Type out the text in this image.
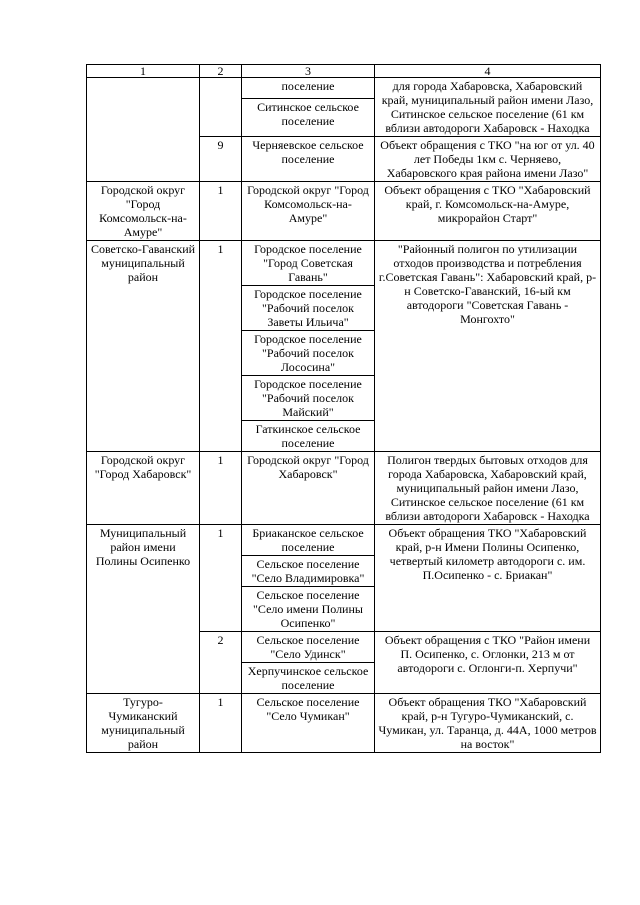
1	2	3	4
		поселение	для города Хабаровска, Хабаровский край, муниципальный район имени Лазо, Ситинское сельское поселение (61 км вблизи автодороги Хабаровск - Находка
		Ситинское сельское поселение	
	9	Черняевское сельское поселение	Объект обращения с ТКО "на юг от ул. 40 лет Победы 1км с. Черняево, Хабаровского края района имени Лазо"
Городской округ "Город Комсомольск-на-Амуре"	1	Городской округ "Город Комсомольск-на-Амуре"	Объект обращения с ТКО "Хабаровский край, г. Комсомольск-на-Амуре, микрорайон Старт"
Советско-Гаванский муниципальный район	1	Городское поселение "Город Советская Гавань"	"Районный полигон по утилизации отходов производства и потребления г.Советская Гавань": Хабаровский край, р-н Советско-Гаванский, 16-ый км автодороги "Советская Гавань - Монгохто"
		Городское поселение "Рабочий поселок Заветы Ильича"	
		Городское поселение "Рабочий поселок Лососина"	
		Городское поселение "Рабочий поселок Майский"	
		Гаткинское сельское поселение	
Городской округ "Город Хабаровск"	1	Городской округ "Город Хабаровск"	Полигон твердых бытовых отходов для города Хабаровска, Хабаровский край, муниципальный район имени Лазо, Ситинское сельское поселение (61 км вблизи автодороги Хабаровск - Находка
Муниципальный район имени Полины Осипенко	1	Бриаканское сельское поселение	Объект обращения ТКО "Хабаровский край, р-н Имени Полины Осипенко, четвертый километр автодороги с. им. П.Осипенко - с. Бриакан"
		Сельское поселение "Село Владимировка"	
		Сельское поселение "Село имени Полины Осипенко"	
	2	Сельское поселение "Село Удинск"	Объект обращения с ТКО "Район имени П. Осипенко, с. Оглонки, 213 м от автодороги с. Оглонги-п. Херпучи"
		Херпучинское сельское поселение	
Тугуро-Чумиканский муниципальный район	1	Сельское поселение "Село Чумикан"	Объект обращения ТКО "Хабаровский край, р-н Тугуро-Чумиканский, с. Чумикан, ул. Таранца, д. 44А, 1000 метров на восток"
